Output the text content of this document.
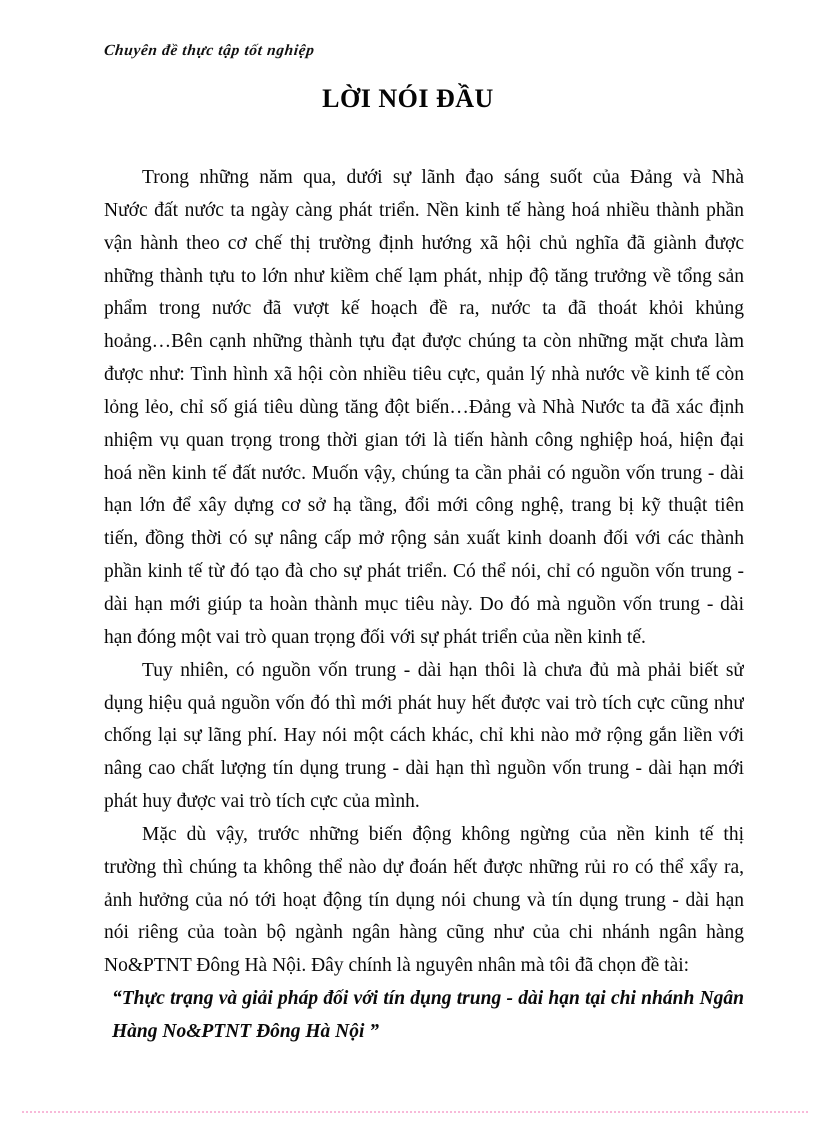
Chuyên đề thực tập tốt nghiệp
LỜI NÓI ĐẦU
Trong những năm qua, dưới sự lãnh đạo sáng suốt của Đảng và Nhà
Nước đất nước ta ngày càng phát triển. Nền kinh tế hàng hoá nhiều thành phần
vận hành theo cơ chế thị trường định hướng xã hội chủ nghĩa đã giành được
những thành tựu to lớn như kiềm chế lạm phát, nhịp độ tăng trưởng về tổng sản
phẩm trong nước đã vượt kế hoạch đề ra, nước ta đã thoát khỏi khủng
hoảng…Bên cạnh những thành tựu đạt được chúng ta còn những mặt chưa làm
được như: Tình hình xã hội còn nhiều tiêu cực, quản lý nhà nước về kinh tế còn
lỏng lẻo, chỉ số giá tiêu dùng tăng đột biến…Đảng và Nhà Nước ta đã xác định
nhiệm vụ quan trọng trong thời gian tới là tiến hành công nghiệp hoá, hiện đại
hoá nền kinh tế đất nước. Muốn vậy, chúng ta cần phải có nguồn vốn trung - dài
hạn lớn để xây dựng cơ sở hạ tầng, đổi mới công nghệ, trang bị kỹ thuật tiên
tiến, đồng thời có sự nâng cấp mở rộng sản xuất kinh doanh đối với các thành
phần kinh tế từ đó tạo đà cho sự phát triển. Có thể nói, chỉ có nguồn vốn trung -
dài hạn mới giúp ta hoàn thành mục tiêu này. Do đó mà nguồn vốn trung - dài
hạn đóng một vai trò quan trọng đối với sự phát triển của nền kinh tế.
Tuy nhiên, có nguồn vốn trung - dài hạn thôi là chưa đủ mà phải biết sử
dụng hiệu quả nguồn vốn đó thì mới phát huy hết được vai trò tích cực cũng như
chống lại sự lãng phí. Hay nói một cách khác, chỉ khi nào mở rộng gắn liền với
nâng cao chất lượng tín dụng trung - dài hạn thì nguồn vốn trung - dài hạn mới
phát huy được vai trò tích cực của mình.
Mặc dù vậy, trước những biến động không ngừng của nền kinh tế thị
trường thì chúng ta không thể nào dự đoán hết được những rủi ro có thể xẩy ra,
ảnh hưởng của nó tới hoạt động tín dụng nói chung và tín dụng trung - dài hạn
nói riêng của toàn bộ ngành ngân hàng cũng như của chi nhánh ngân hàng
No&PTNT Đông Hà Nội. Đây chính là nguyên nhân mà tôi đã chọn đề tài:
“Thực trạng và giải pháp đối với tín dụng trung - dài hạn tại chi nhánh Ngân
Hàng No&PTNT Đông Hà Nội ”
